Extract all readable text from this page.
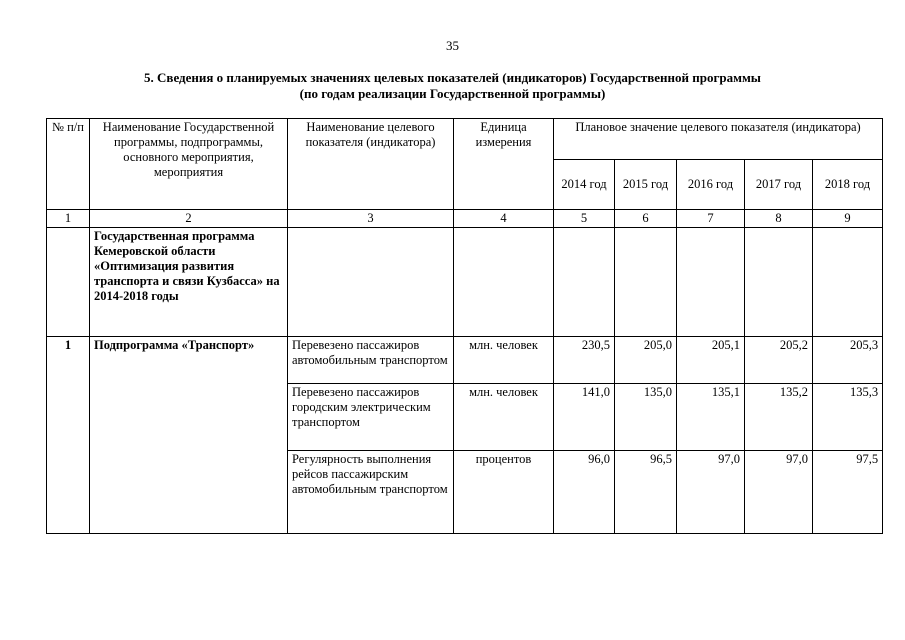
35
5. Сведения о планируемых значениях целевых показателей (индикаторов) Государственной программы
(по годам реализации Государственной программы)
№ п/п	Наименование Государственной программы, подпрограммы, основного мероприятия, мероприятия	Наименование целевого показателя (индикатора)	Единица измерения	Плановое значение целевого показателя (индикатора)				
				2014 год	2015 год	2016 год	2017 год	2018 год
1	2	3	4	5	6	7	8	9
	Государственная программа Кемеровской области «Оптимизация развития транспорта и связи Кузбасса» на 2014-2018 годы							
1	Подпрограмма «Транспорт»	Перевезено пассажиров автомобильным транспортом	млн. человек	230,5	205,0	205,1	205,2	205,3
		Перевезено пассажиров городским электрическим транспортом	млн. человек	141,0	135,0	135,1	135,2	135,3
		Регулярность выполнения рейсов пассажирским автомобильным транспортом	процентов	96,0	96,5	97,0	97,0	97,5
